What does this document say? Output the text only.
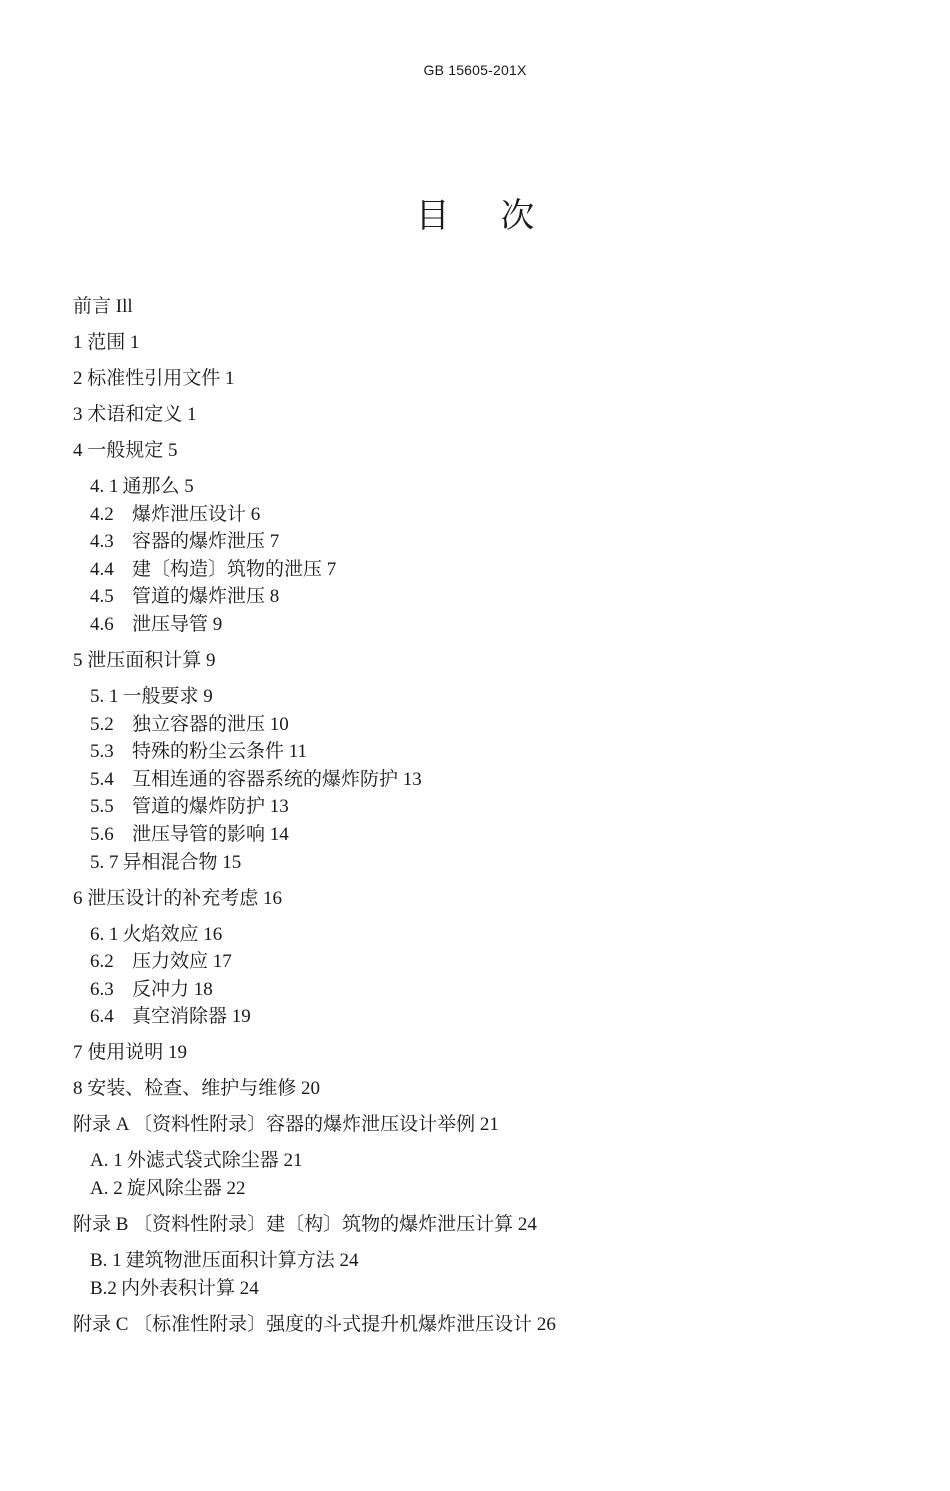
GB 15605-201X
目 次
前言 Ill
1 范围 1
2 标准性引用文件 1
3 术语和定义 1
4 一般规定 5
4. 1 通那么 5
4.2 爆炸泄压设计 6
4.3 容器的爆炸泄压 7
4.4 建〔构造〕筑物的泄压 7
4.5 管道的爆炸泄压 8
4.6 泄压导管 9
5 泄压面积计算 9
5. 1 一般要求 9
5.2 独立容器的泄压 10
5.3 特殊的粉尘云条件 11
5.4 互相连通的容器系统的爆炸防护 13
5.5 管道的爆炸防护 13
5.6 泄压导管的影响 14
5. 7 异相混合物 15
6 泄压设计的补充考虑 16
6. 1 火焰效应 16
6.2 压力效应 17
6.3 反冲力 18
6.4 真空消除器 19
7 使用说明 19
8 安装、检查、维护与维修 20
附录 A 〔资料性附录〕容器的爆炸泄压设计举例 21
A. 1 外滤式袋式除尘器 21
A. 2 旋风除尘器 22
附录 B 〔资料性附录〕建〔构〕筑物的爆炸泄压计算 24
B. 1 建筑物泄压面积计算方法 24
B.2 内外表积计算 24
附录 C 〔标准性附录〕强度的斗式提升机爆炸泄压设计 26
